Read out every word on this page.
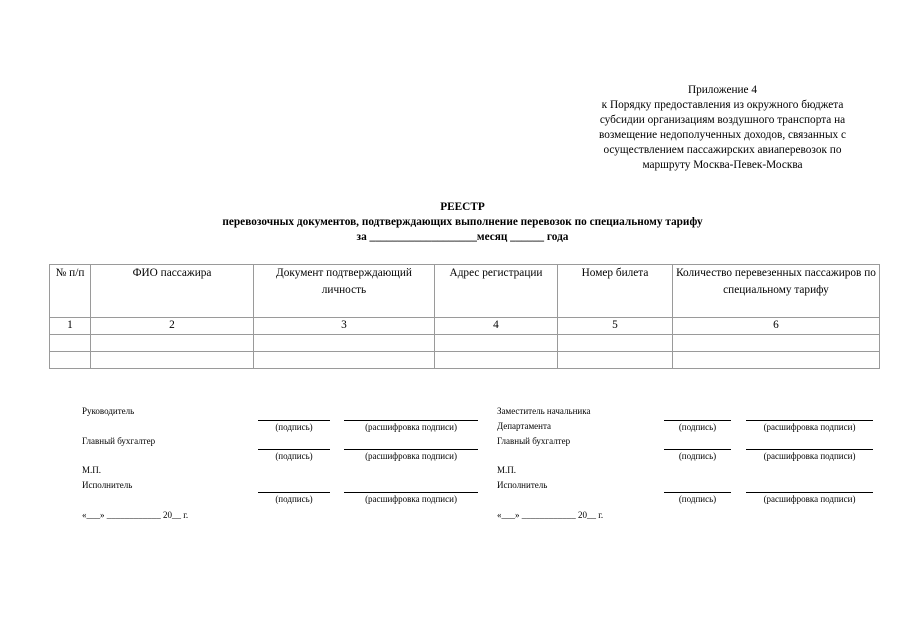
Приложение 4
к Порядку предоставления из окружного бюджета
субсидии организациям воздушного транспорта на
возмещение недополученных доходов, связанных с
осуществлением пассажирских авиаперевозок по
маршруту Москва-Певек-Москва
РЕЕСТР
перевозочных документов, подтверждающих выполнение перевозок по специальному тарифу
за ___________________месяц ______ года
№ п/п	ФИО пассажира	Документ подтверждающий личность	Адрес регистрации	Номер билета	Количество перевезенных пассажиров по специальному тарифу
1	2	3	4	5	6

Руководитель
(подпись)	(расшифровка подписи)
Главный бухгалтер
(подпись)	(расшифровка подписи)
М.П.
Исполнитель
(подпись)	(расшифровка подписи)
«___» ____________ 20__ г.
Заместитель начальника
Департамента	(подпись)	(расшифровка подписи)
Главный бухгалтер
(подпись)	(расшифровка подписи)
М.П.
Исполнитель
(подпись)	(расшифровка подписи)
«___» ____________ 20__ г.
